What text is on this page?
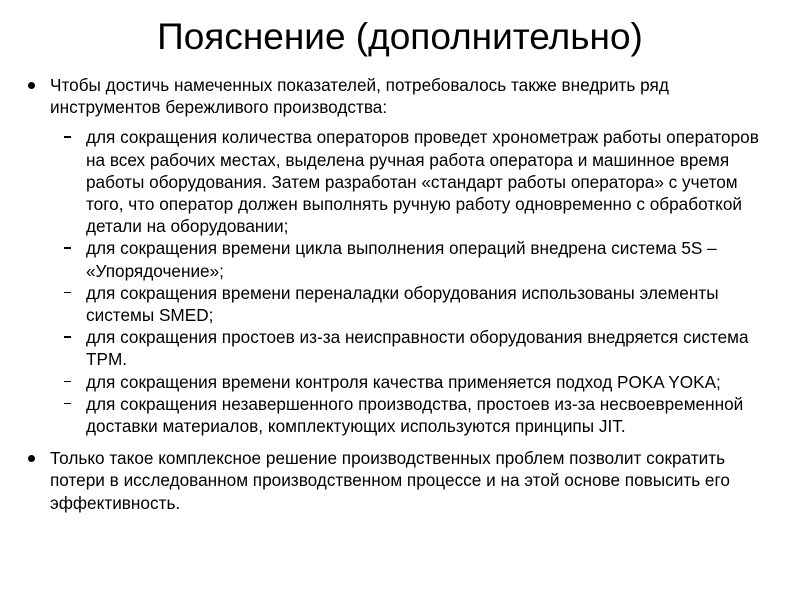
Пояснение (дополнительно)
Чтобы достичь намеченных показателей, потребовалось также внедрить ряд инструментов бережливого производства:
для сокращения количества операторов проведет хронометраж работы операторов на всех рабочих местах, выделена ручная работа оператора и машинное время работы оборудования. Затем разработан «стандарт работы оператора» с учетом того, что оператор должен выполнять ручную работу одновременно с обработкой детали на оборудовании;
для сокращения времени цикла выполнения операций внедрена система 5S – «Упорядочение»;
для сокращения времени переналадки оборудования использованы элементы системы SMED;
для сокращения простоев из-за неисправности оборудования внедряется система TPM.
для сокращения времени контроля качества применяется подход POKA YOKA;
для сокращения незавершенного производства, простоев из-за несвоевременной доставки материалов, комплектующих используются принципы JIT.
Только такое комплексное решение производственных проблем позволит сократить потери в исследованном производственном процессе и на этой основе повысить его эффективность.
